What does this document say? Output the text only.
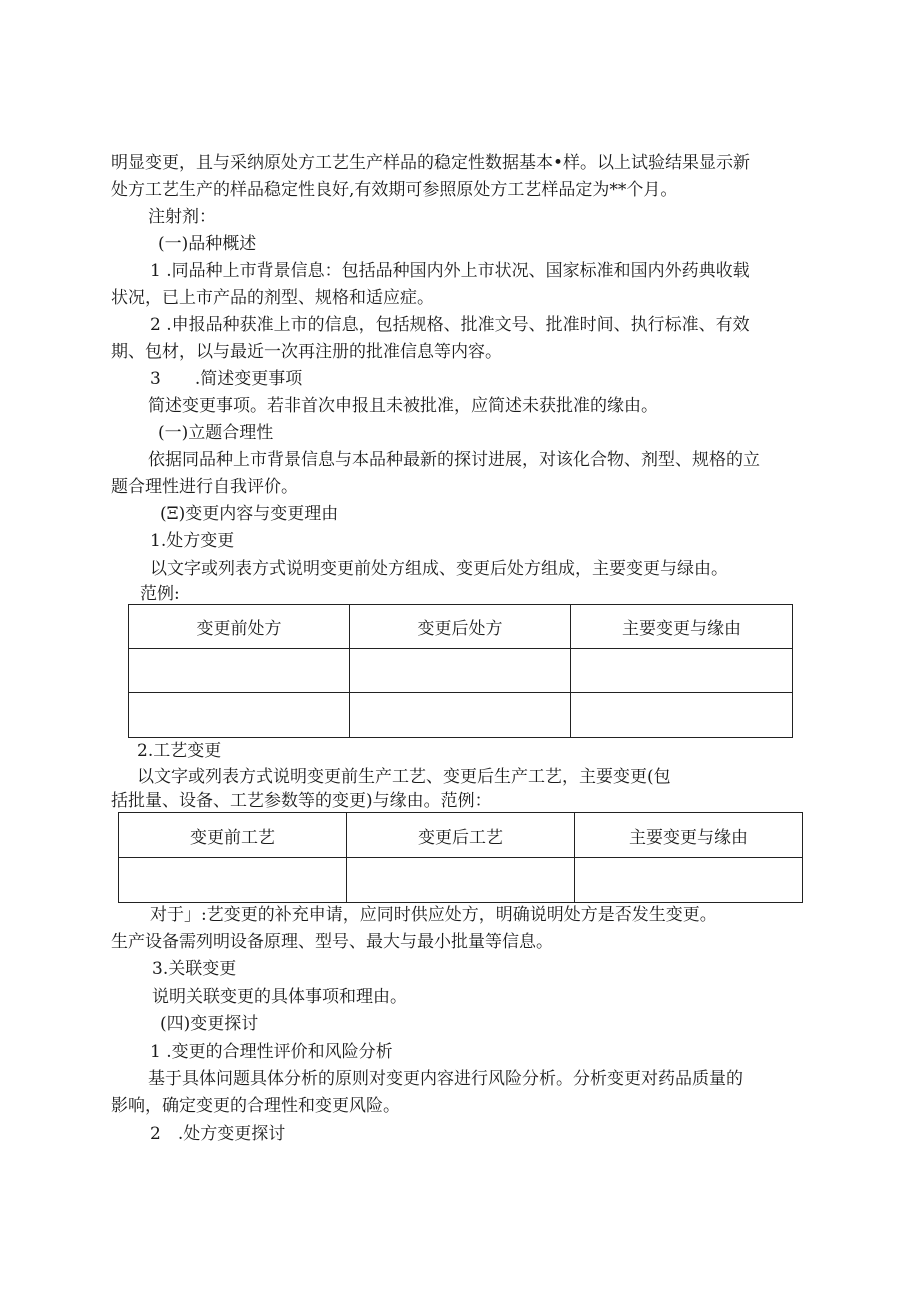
明显变更，且与采纳原处方工艺生产样品的稳定性数据基本•样。以上试验结果显示新
处方工艺生产的样品稳定性良好,有效期可参照原处方工艺样品定为**个月。
注射剂：
(一)品种概述
1 .同品种上市背景信息：包括品种国内外上市状况、国家标准和国内外药典收载
状况，已上市产品的剂型、规格和适应症。
2 .申报品种获准上市的信息，包括规格、批准文号、批准时间、执行标准、有效
期、包材，以与最近一次再注册的批准信息等内容。
3　　.简述变更事项
简述变更事项。若非首次申报且未被批准，应简述未获批准的缘由。
(一)立题合理性
依据同品种上市背景信息与本品种最新的探讨进展，对该化合物、剂型、规格的立
题合理性进行自我评价。
(Ξ)变更内容与变更理由
1.处方变更
以文字或列表方式说明变更前处方组成、变更后处方组成，主要变更与绿由。
范例:
变更前处方	变更后处方	主要变更与缘由

2.工艺变更
以文字或列表方式说明变更前生产工艺、变更后生产工艺，主要变更(包
括批量、设备、工艺参数等的变更)与缘由。范例：
变更前工艺	变更后工艺	主要变更与缘由

对于」:艺变更的补充申请，应同时供应处方，明确说明处方是否发生变更。
生产设备需列明设备原理、型号、最大与最小批量等信息。
3.关联变更
说明关联变更的具体事项和理由。
(四)变更探讨
1 .变更的合理性评价和风险分析
基于具体问题具体分析的原则对变更内容进行风险分析。分析变更对药品质量的
影响，确定变更的合理性和变更风险。
2　.处方变更探讨
